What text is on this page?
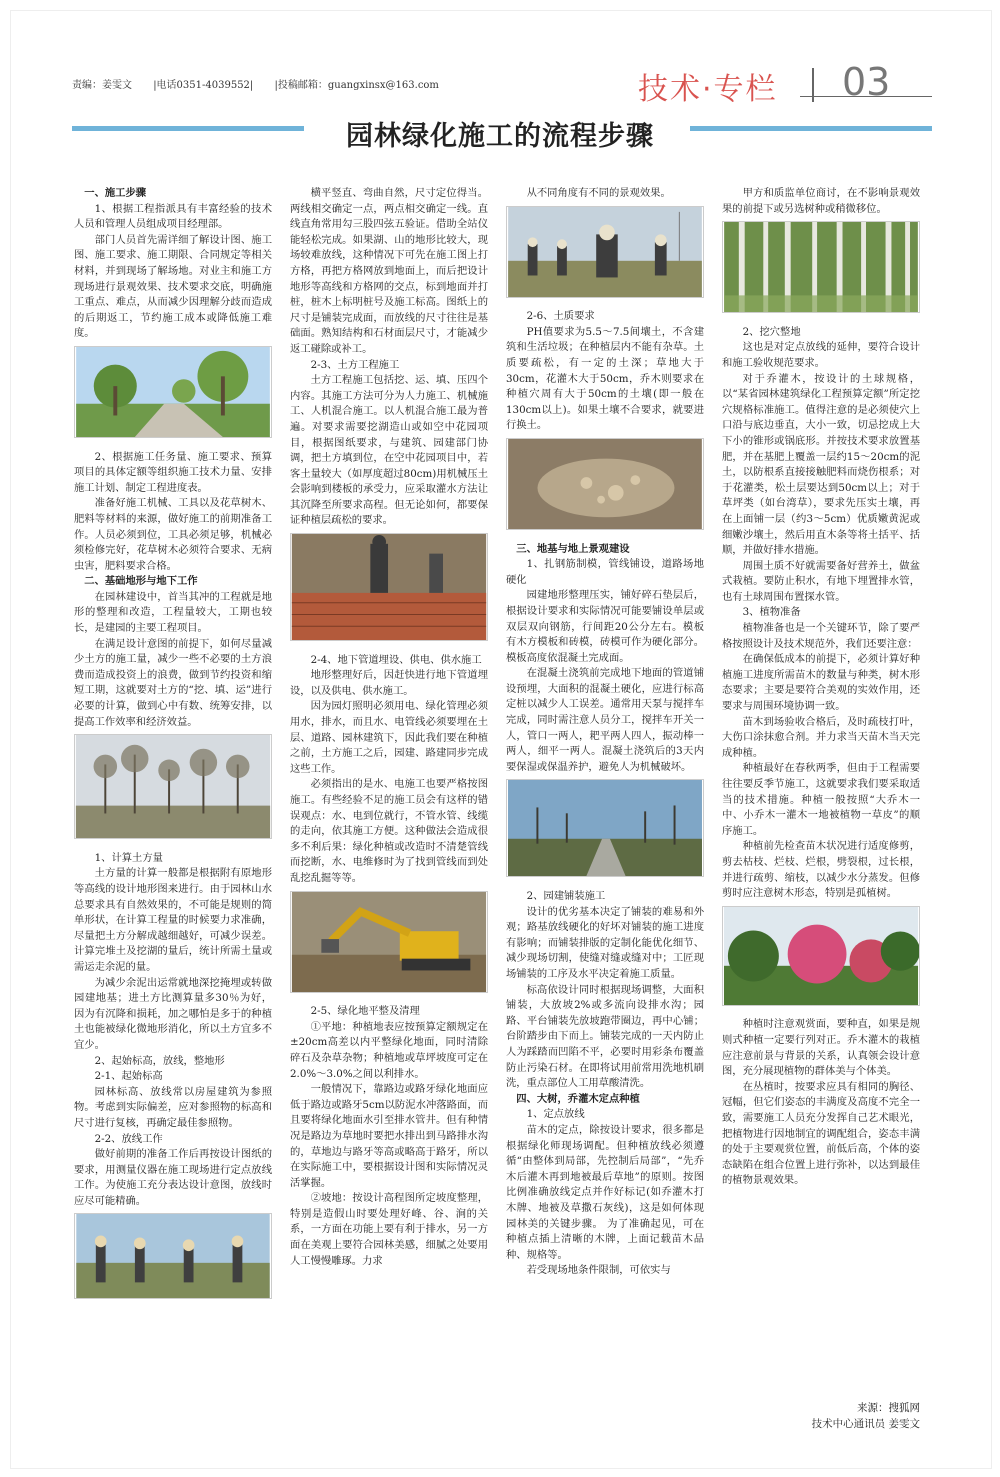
责编：姜雯文 |电话0351-4039552| |投稿邮箱：guangxinsx@163.com	技术·专栏 03
园林绿化施工的流程步骤

一、施工步骤

1、根据工程指派具有丰富经验的技术人员和管理人员组成项目经理部。

部门人员首先需详细了解设计图、施工图、施工要求、施工期限、合同规定等相关材料，并到现场了解场地。对业主和施工方现场进行景观效果、技术要求交底，明确施工重点、难点，从而减少因理解分歧而造成的后期返工，节约施工成本或降低施工难度。

2、根据施工任务量、施工要求、预算项目的具体定额等组织施工技术力量、安排施工计划、制定工程进度表。

准备好施工机械、工具以及花草树木、肥料等材料的来源，做好施工的前期准备工作。人员必须到位，工具必须足够，机械必须检修完好，花草树木必须符合要求、无病虫害，肥料要求合格。

二、基础地形与地下工作

在园林建设中，首当其冲的工程就是地形的整理和改造，工程量较大，工期也较长，是建园的主要工程项目。

在满足设计意图的前提下，如何尽量减少土方的施工量，减少一些不必要的土方浪费而造成投资上的浪费，做到节约投资和缩短工期，这就要对土方的“挖、填、运”进行必要的计算，做到心中有数、统筹安排，以提高工作效率和经济效益。

1、计算土方量

土方量的计算一般都是根据附有原地形等高线的设计地形图来进行。由于园林山水总要求具有自然效果的，不可能是规则的简单形状，在计算工程量的时候要力求准确，尽量把土方分解成越细越好，可减少误差。计算完堆土及挖湖的量后，统计所需土量或需运走余泥的量。

为减少余泥出运常就地深挖掩埋或转做园建地基；进土方比测算量多30％为好，因为有沉降和损耗，加之哪怕是多于的种植土也能被绿化微地形消化，所以土方宜多不宜少。

2、起始标高，放线，整地形

2-1、起始标高

园林标高、放线常以房屋建筑为参照物。考虑到实际偏差，应对参照物的标高和尺寸进行复核，再确定最佳参照物。

2-2、放线工作

做好前期的准备工作后再按设计图纸的要求，用测量仪器在施工现场进行定点放线工作。为使施工充分表达设计意图，放线时应尽可能精确。

横平竖直、弯曲自然，尺寸定位得当。两线相交确定一点，两点相交确定一线。直线直角常用勾三股四弦五验证。借助全站仪能轻松完成。如果湖、山的地形比较大，现场较难放线，这种情况下可先在施工图上打方格，再把方格网放到地面上，而后把设计地形等高线和方格网的交点，标到地面并打桩，桩木上标明桩号及施工标高。图纸上的尺寸是铺装完成面，而放线的尺寸往往是基础面。熟知结构和石材面层尺寸，才能减少返工碰除或补工。

2-3、土方工程施工

土方工程施工包括挖、运、填、压四个内容。其施工方法可分为人力施工、机械施工、人机混合施工。以人机混合施工最为普遍。对要求需要挖湖造山或如空中花园项目，根据图纸要求，与建筑、园建部门协调，把土方填到位，在空中花园项目中，若客土量较大（如厚度超过80cm)用机械压土会影响到楼板的承受力，应采取灌水方法让其沉降至所要求高程。但无论如何，都要保证种植层疏松的要求。

2-4、地下管道埋设、供电、供水施工

地形整理好后，因赶快进行地下管道埋设，以及供电、供水施工。

因为园灯照明必须用电、绿化管理必须用水，排水，而且水、电管线必须要埋在土层、道路、园林建筑下，因此我们要在种植之前，土方施工之后，园建、路建同步完成这些工作。

必须指出的是水、电施工也要严格按图施工。有些经验不足的施工员会有这样的错误观点：水、电到位就行，不管水管、线缆的走向，依其施工方便。这种做法会造成很多不利后果：绿化种植或改造时不清楚管线而挖断，水、电维修时为了找到管线而到处乱挖乱掘等等。

2-5、绿化地平整及清理

①平地：种植地表应按预算定额规定在±20cm高差以内平整绿化地面，同时清除碎石及杂草杂物；种植地或草坪坡度可定在2.0%～3.0%之间以利排水。

一般情况下，靠路边或路牙绿化地面应低于路边或路牙5cm以防泥水冲落路面，而且要将绿化地面水引至排水管井。但有种情况是路边为草地时要把水排出到马路排水沟的，草地边与路牙等高或略高于路牙，所以在实际施工中，要根据设计图和实际情况灵活掌握。

②坡地：按设计高程图所定坡度整理，特别是造假山时要处理好峰、谷、涧的关系，一方面在功能上要有利于排水，另一方面在美观上要符合园林美感，细腻之处要用人工慢慢雕琢。力求

从不同角度有不同的景观效果。

2-6、土质要求

PH值要求为5.5～7.5间壤土，不含建筑和生活垃圾；在种植层内不能有杂草。土质要疏松，有一定的土深；草地大于30cm，花灌木大于50cm，乔木则要求在种植穴周有大于50cm的土壤(即一般在130cm以上)。如果土壤不合要求，就要进行换土。

三、地基与地上景观建设

1、扎钢筋制模，管线铺设，道路场地硬化

园建地形整理压实，铺好碎石垫层后，根据设计要求和实际情况可能要铺设单层或双层双向钢筋，行间距20公分左右。模板有木方模板和砖模，砖模可作为硬化部分。模板高度依混凝土完成面。

在混凝土浇筑前完成地下地面的管道铺设预埋，大面积的混凝土硬化，应进行标高定桩以减少人工误差。通常用天泵与搅拌车完成，同时需注意人员分工，搅拌车开关一人，管口一两人，耙平两人四人，振动棒一两人，细平一两人。混凝土浇筑后的3天内要保湿或保温养护，避免人为机械破坏。

2、园建铺装施工

设计的优劣基本决定了铺装的难易和外观；路基放线硬化的好坏对铺装的施工进度有影响；而铺装排版的定制化能优化细节、减少现场切割，使缝对缝或缝对中；工匠现场铺装的工序及水平决定着施工质量。

标高依设计同时根据现场调整，大面积铺装，大放坡2%或多流向设排水沟；园路、平台铺装先放坡跑带圈边，再中心铺；台阶踏步由下而上。铺装完成的一天内防止人为踩踏而凹陷不平，必要时用彩条布覆盖防止污染石材。在即将试用前常用洗地机刷洗，重点部位人工用草酸清洗。

四、大树，乔灌木定点种植

1、定点放线

苗木的定点，除按设计要求，很多都是根据绿化师现场调配。但种植放线必须遵循“由整体到局部，先控制后局部”，“先乔木后灌木再到地被最后草地”的原则。按图比例准确放线定点并作好标记(如乔灌木打木牌、地被及草撒石灰线)，这是如何体现园林美的关键步骤。 为了准确起见，可在种植点插上清晰的木牌，上面记载苗木品种、规格等。

若受现场地条件限制，可依实与

甲方和质监单位商讨，在不影响景观效果的前提下或另选树种或稍微移位。

2、挖穴整地

这也是对定点放线的延伸，要符合设计和施工验收规范要求。

对于乔灌木，按设计的土球规格，以“某省园林建筑绿化工程预算定额”所定挖穴规格标准施工。值得注意的是必须使穴上口沿与底边垂直，大小一致，切忌挖成上大下小的锥形或锅底形。并按技术要求放置基肥，并在基肥上覆盖一层约15～20cm的泥土，以防根系直接接触肥料而烧伤根系；对于花灌类，松土层要达到50cm以上；对于草坪类（如台湾草），要求先压实土壤，再在上面铺一层（约3～5cm）优质嫩黄泥或细嫩沙壤土，然后用直木条等将土括平、括顺，并做好排水措施。

周围土质不好就需要备好营养土，做盆式栽植。要防止积水，有地下埋置排水管，也有土球周围布置探水管。

3、植物准备

植物准备也是一个关键环节，除了要严格按照设计及技术规范外，我们还要注意：

在确保低成本的前提下，必须计算好种植施工进度所需苗木的数量与种类，树木形态要求；主要是要符合美观的实效作用，还要求与周围环境协调一致。

苗木到场验收合格后，及时疏枝打叶，大伤口涂抹愈合剂。并力求当天苗木当天完成种植。

种植最好在春秋两季，但由于工程需要往往要反季节施工，这就要求我们要采取适当的技术措施。种植一般按照“大乔木一中、小乔木一灌木一地被植物一草皮”的顺序施工。

种植前先检查苗木状况进行适度修剪，剪去枯枝、烂枝、烂根，劈裂根，过长根，并进行疏剪、缩枝，以减少水分蒸发。但修剪时应注意树木形态，特别是孤植树。

种植时注意观赏面，要种直，如果是规则式种植一定要行列对正。乔木灌木的栽植应注意前景与背景的关系，认真领会设计意图，充分展现植物的群体美与个体美。

在丛植时，按要求应具有相同的胸径、冠幅，但它们姿态的丰满度及高度不完全一致，需要施工人员充分发挥自己艺术眼光，把植物进行因地制宜的调配组合，姿态丰满的处于主要观赏位置，前低后高，个体的姿态缺陷在组合位置上进行弥补，以达到最佳的植物景观效果。

来源：搜狐网
技术中心通讯员 姜雯文
